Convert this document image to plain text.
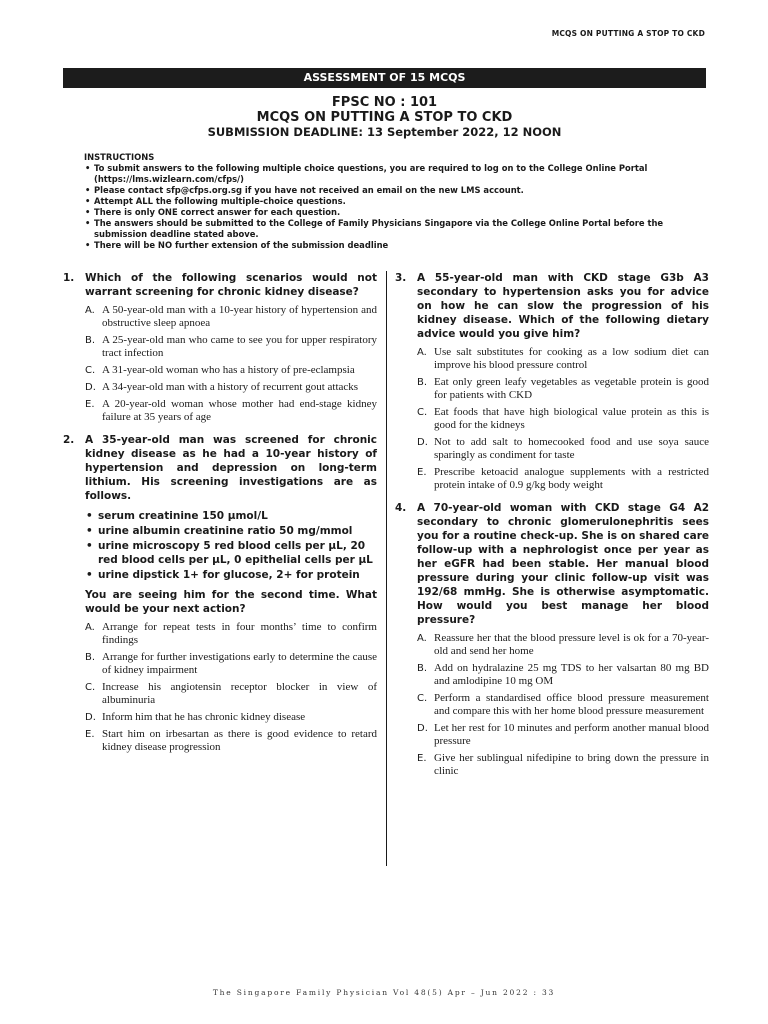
MCQS ON PUTTING A STOP TO CKD
ASSESSMENT OF 15 MCQS
FPSC NO : 101
MCQS ON PUTTING A STOP TO CKD
SUBMISSION DEADLINE: 13 September 2022, 12 NOON
INSTRUCTIONS
• To submit answers to the following multiple choice questions, you are required to log on to the College Online Portal (https://lms.wizlearn.com/cfps/)
• Please contact sfp@cfps.org.sg if you have not received an email on the new LMS account.
• Attempt ALL the following multiple-choice questions.
• There is only ONE correct answer for each question.
• The answers should be submitted to the College of Family Physicians Singapore via the College Online Portal before the submission deadline stated above.
• There will be NO further extension of the submission deadline
1. Which of the following scenarios would not warrant screening for chronic kidney disease?
A. A 50-year-old man with a 10-year history of hypertension and obstructive sleep apnoea
B. A 25-year-old man who came to see you for upper respiratory tract infection
C. A 31-year-old woman who has a history of pre-eclampsia
D. A 34-year-old man with a history of recurrent gout attacks
E. A 20-year-old woman whose mother had end-stage kidney failure at 35 years of age
2. A 35-year-old man was screened for chronic kidney disease as he had a 10-year history of hypertension and depression on long-term lithium. His screening investigations are as follows.
• serum creatinine 150 μmol/L
• urine albumin creatinine ratio 50 mg/mmol
• urine microscopy 5 red blood cells per μL, 20 red blood cells per μL, 0 epithelial cells per μL
• urine dipstick 1+ for glucose, 2+ for protein
You are seeing him for the second time. What would be your next action?
A. Arrange for repeat tests in four months’ time to confirm findings
B. Arrange for further investigations early to determine the cause of kidney impairment
C. Increase his angiotensin receptor blocker in view of albuminuria
D. Inform him that he has chronic kidney disease
E. Start him on irbesartan as there is good evidence to retard kidney disease progression
3. A 55-year-old man with CKD stage G3b A3 secondary to hypertension asks you for advice on how he can slow the progression of his kidney disease. Which of the following dietary advice would you give him?
A. Use salt substitutes for cooking as a low sodium diet can improve his blood pressure control
B. Eat only green leafy vegetables as vegetable protein is good for patients with CKD
C. Eat foods that have high biological value protein as this is good for the kidneys
D. Not to add salt to homecooked food and use soya sauce sparingly as condiment for taste
E. Prescribe ketoacid analogue supplements with a restricted protein intake of 0.9 g/kg body weight
4. A 70-year-old woman with CKD stage G4 A2 secondary to chronic glomerulonephritis sees you for a routine check-up. She is on shared care follow-up with a nephrologist once per year as her eGFR had been stable. Her manual blood pressure during your clinic follow-up visit was 192/68 mmHg. She is otherwise asymptomatic. How would you best manage her blood pressure?
A. Reassure her that the blood pressure level is ok for a 70-year-old and send her home
B. Add on hydralazine 25 mg TDS to her valsartan 80 mg BD and amlodipine 10 mg OM
C. Perform a standardised office blood pressure measurement and compare this with her home blood pressure measurement
D. Let her rest for 10 minutes and perform another manual blood pressure
E. Give her sublingual nifedipine to bring down the pressure in clinic
The Singapore Family Physician Vol 48(5) Apr – Jun 2022 : 33
